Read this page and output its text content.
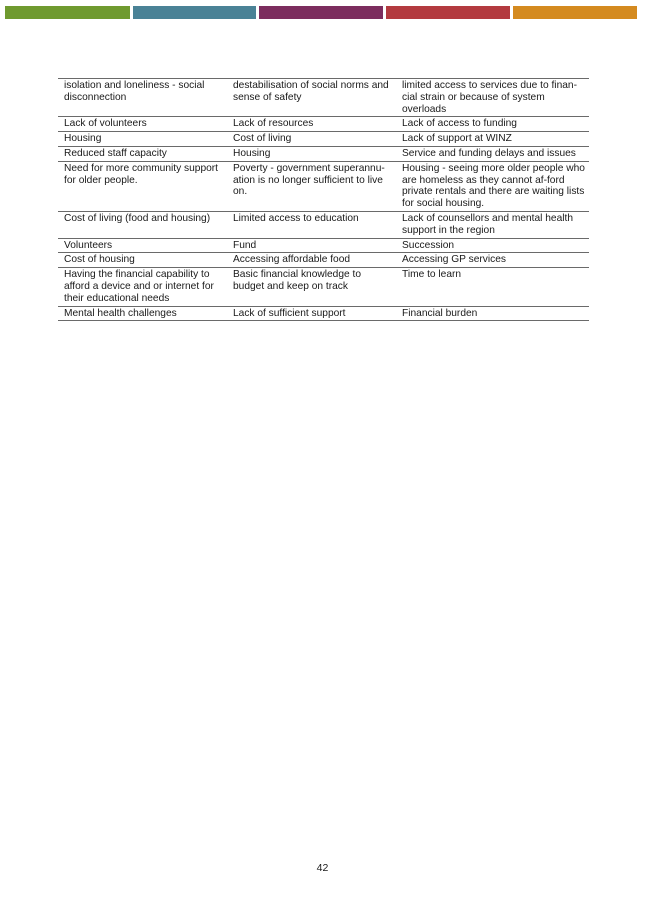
isolation and loneliness - social disconnection	destabilisation of social norms and sense of safety	limited access to services due to finan-cial strain or because of system overloads
Lack of volunteers	Lack of resources	Lack of access to funding
Housing	Cost of living	Lack of support at WINZ
Reduced staff capacity	Housing	Service and funding delays and issues
Need for more community support for older people.	Poverty - government superannu-ation is no longer sufficient to live on.	Housing - seeing more older people who are homeless as they cannot af-ford private rentals and there are waiting lists for social housing.
Cost of living (food and housing)	Limited access to education	Lack of counsellors and mental health support in the region
Volunteers	Fund	Succession
Cost of housing	Accessing affordable food	Accessing GP services
Having the financial capability to afford a device and or internet for their educational needs	Basic financial knowledge to budget and keep on track	Time to learn
Mental health challenges	Lack of sufficient support	Financial burden
42
